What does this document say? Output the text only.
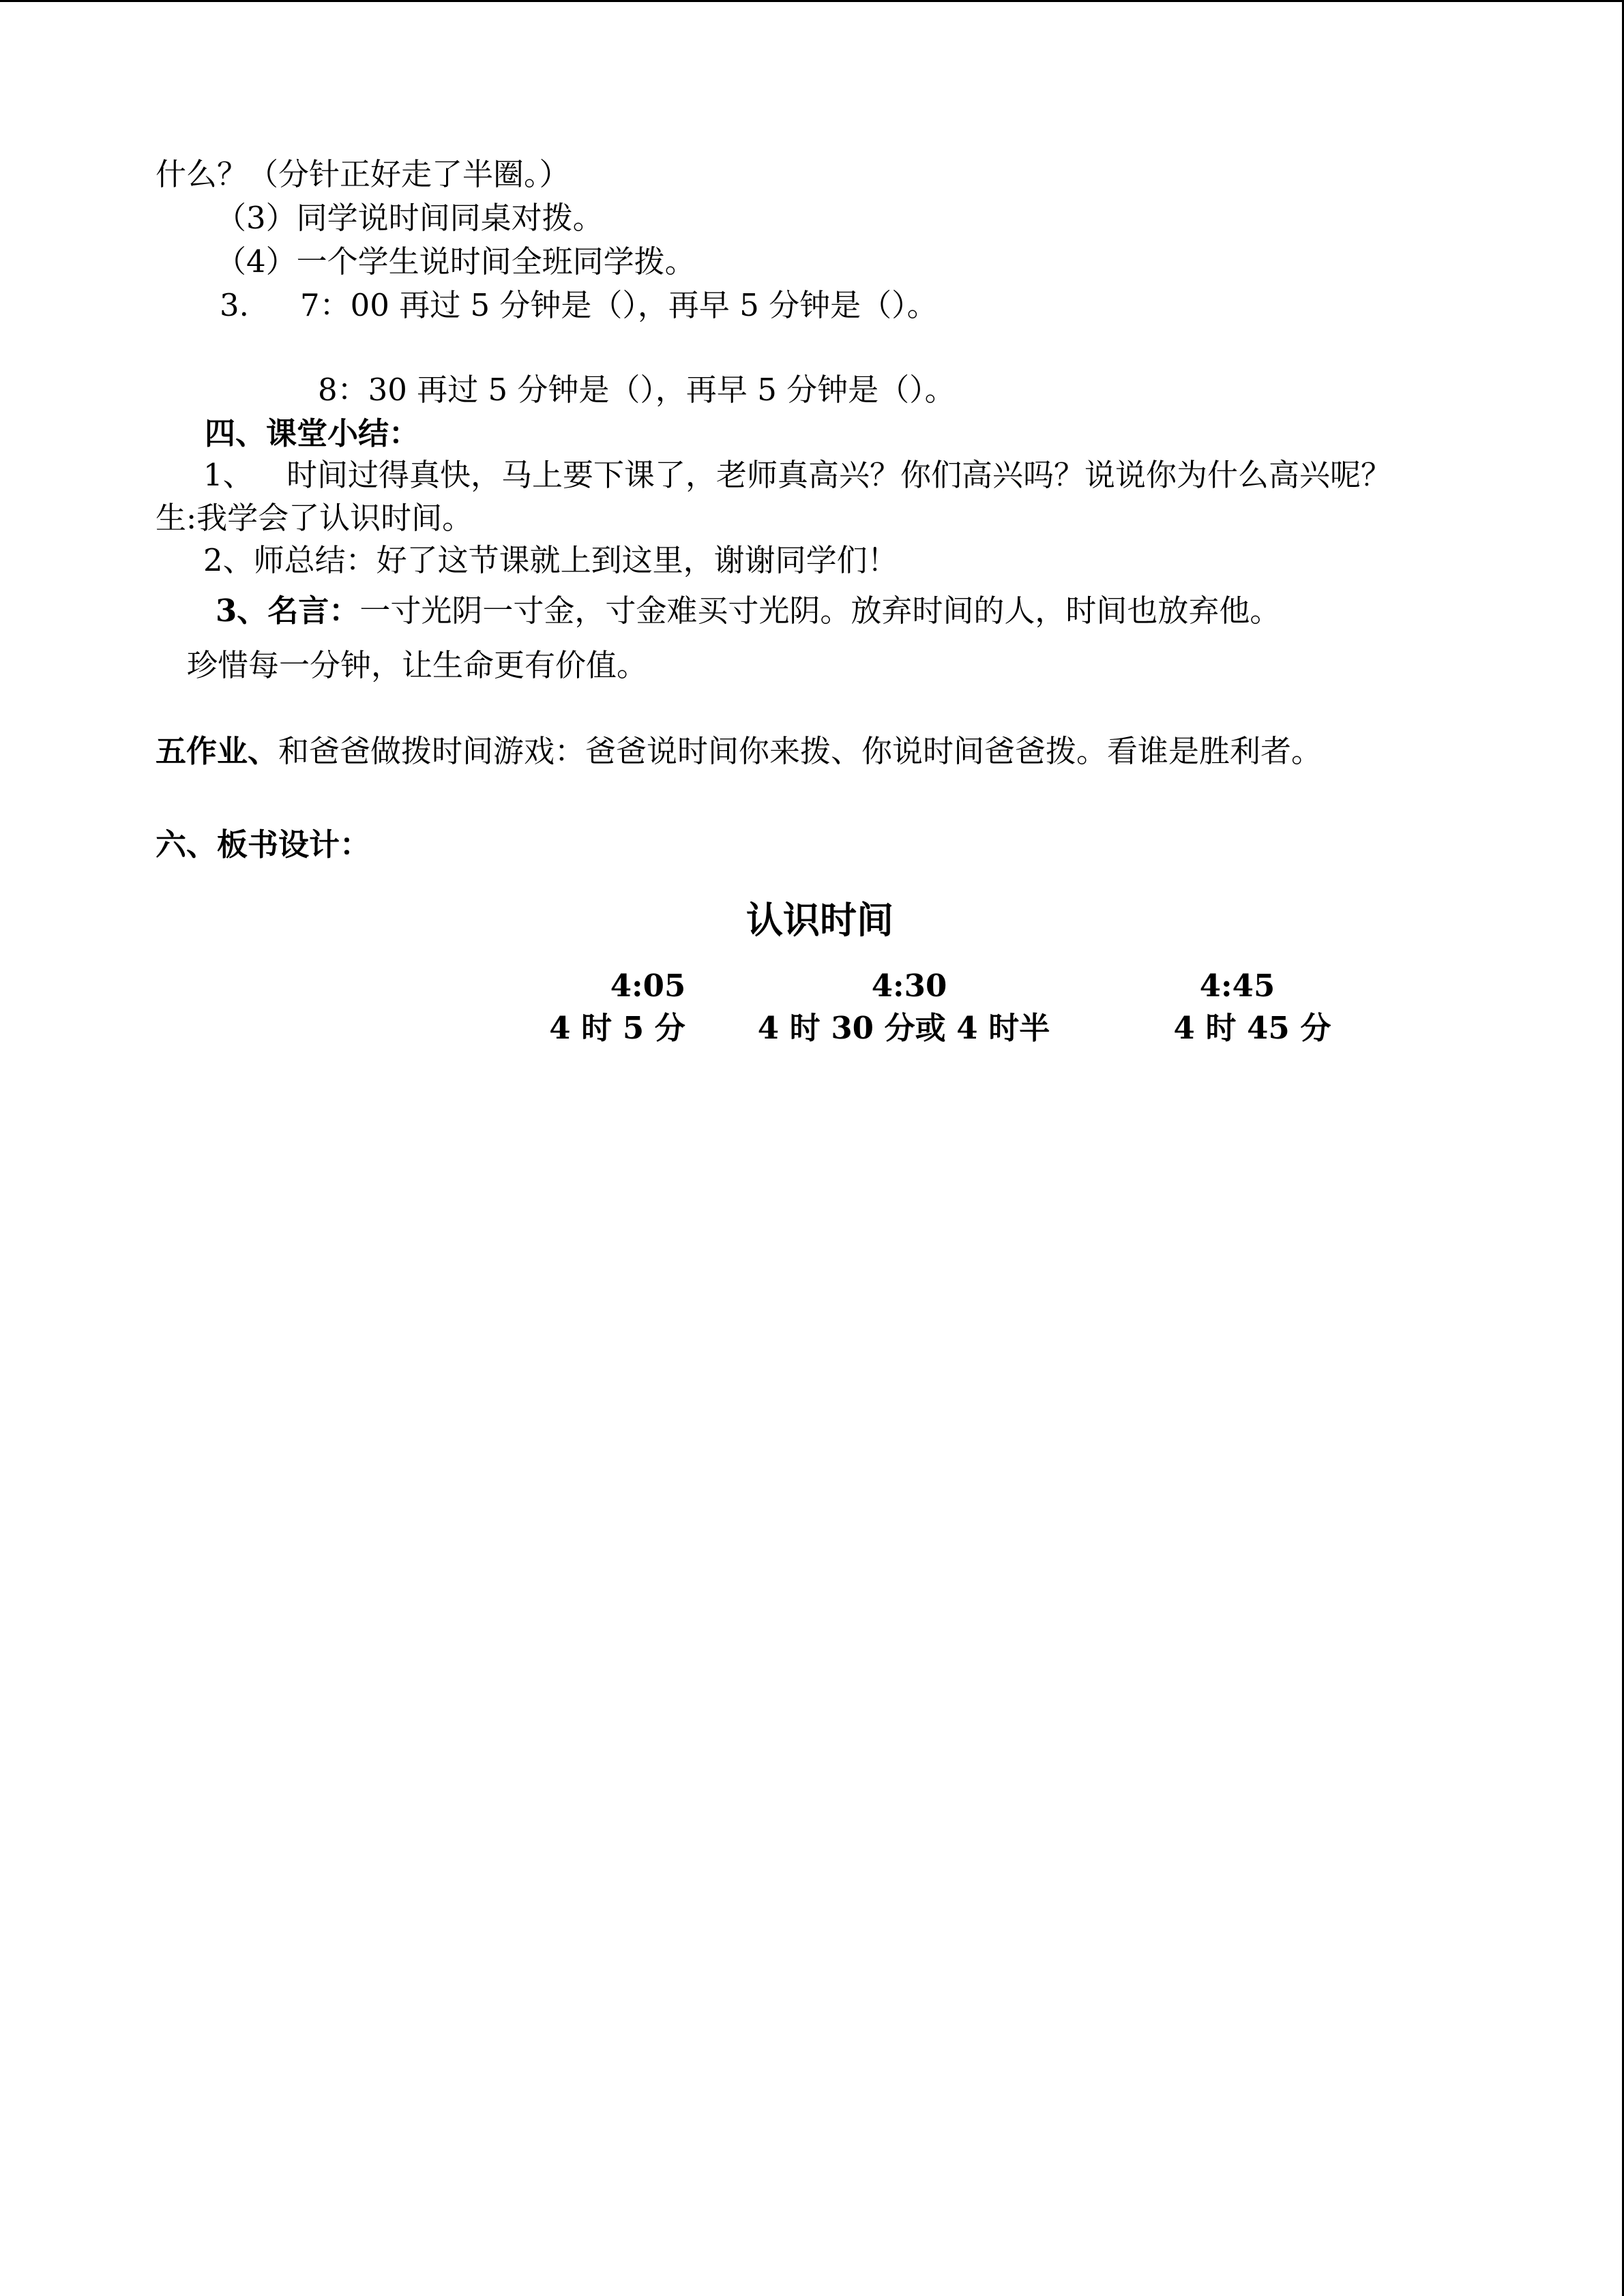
什么？（分针正好走了半圈。）
（3）同学说时间同桌对拨。
（4）一个学生说时间全班同学拨。
3. 7：00 再过 5 分钟是（），再早 5 分钟是（）。
8：30 再过 5 分钟是（），再早 5 分钟是（）。
四、课堂小结：
1、 时间过得真快，马上要下课了，老师真高兴？你们高兴吗？说说你为什么高兴呢？
生:我学会了认识时间。
2、师总结：好了这节课就上到这里，谢谢同学们！
3、名言：一寸光阴一寸金，寸金难买寸光阴。放弃时间的人，时间也放弃他。
珍惜每一分钟，让生命更有价值。
五作业、和爸爸做拨时间游戏：爸爸说时间你来拨、你说时间爸爸拨。看谁是胜利者。
六、板书设计：
认识时间
4:05
4 时 5 分
4:30
4 时 30 分或 4 时半
4:45
4 时 45 分
